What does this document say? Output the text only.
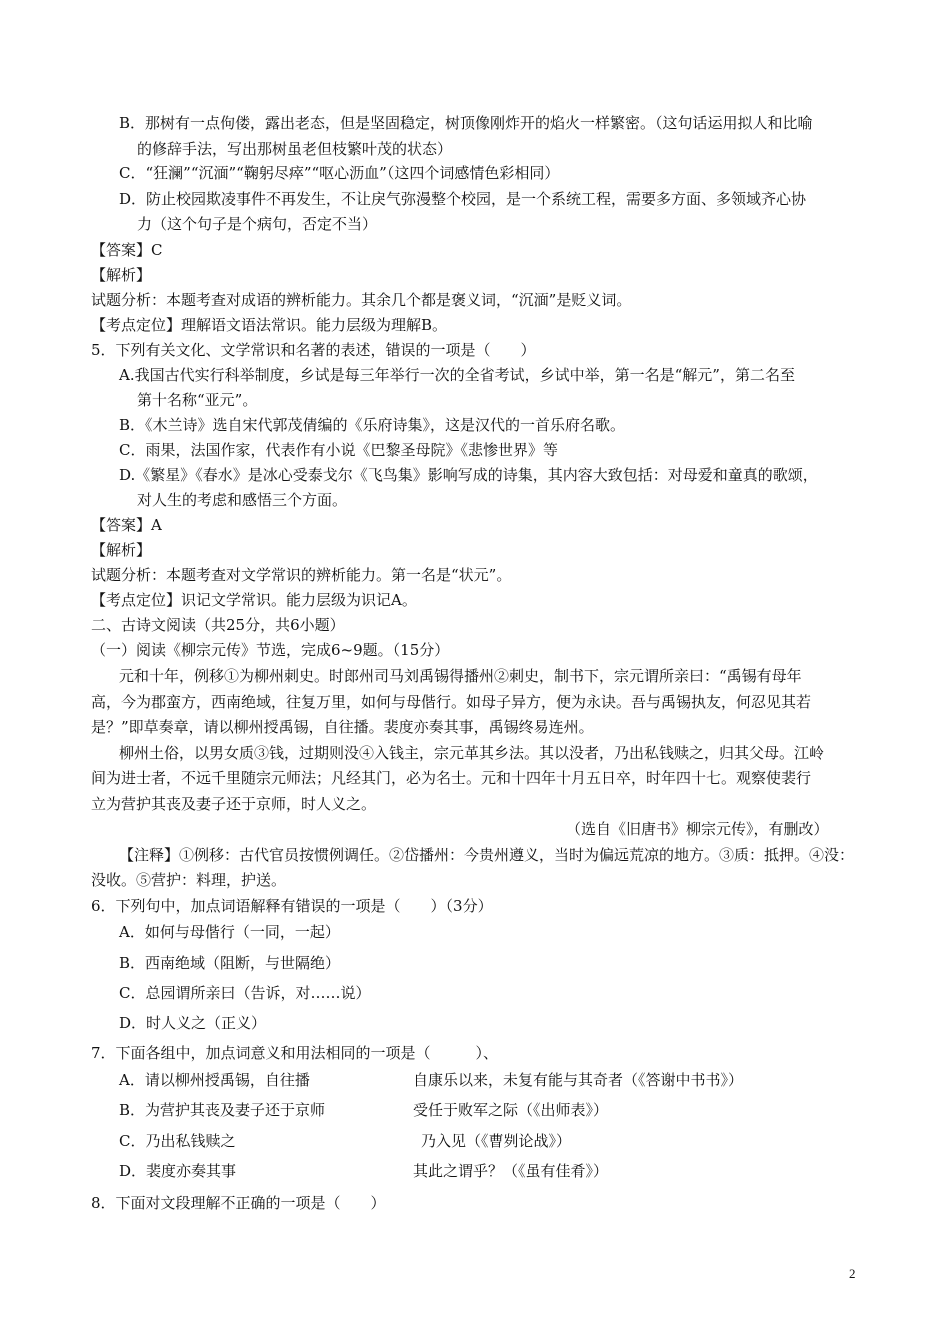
B．那树有一点佝偻，露出老态，但是坚固稳定，树顶像刚炸开的焰火一样繁密。（这句话运用拟人和比喻
的修辞手法，写出那树虽老但枝繁叶茂的状态）
C．“狂澜”“沉湎”“鞠躬尽瘁”“呕心沥血”（这四个词感情色彩相同）
D．防止校园欺凌事件不再发生，不让戾气弥漫整个校园，是一个系统工程，需要多方面、多领域齐心协
力（这个句子是个病句，否定不当）
【答案】C
【解析】
试题分析：本题考查对成语的辨析能力。其余几个都是褒义词，“沉湎”是贬义词。
【考点定位】理解语文语法常识。能力层级为理解B。
5．下列有关文化、文学常识和名著的表述，错误的一项是（　　）
A.我国古代实行科举制度，乡试是每三年举行一次的全省考试，乡试中举，第一名是“解元”，第二名至
第十名称“亚元”。
B．《木兰诗》选自宋代郭茂倩编的《乐府诗集》，这是汉代的一首乐府名歌。
C．雨果，法国作家，代表作有小说《巴黎圣母院》《悲惨世界》等
D.《繁星》《春水》是冰心受泰戈尔《飞鸟集》影响写成的诗集，其内容大致包括：对母爱和童真的歌颂，
对人生的考虑和感悟三个方面。
【答案】A
【解析】
试题分析：本题考查对文学常识的辨析能力。第一名是“状元”。
【考点定位】识记文学常识。能力层级为识记A。
二、古诗文阅读（共25分，共6小题）
（一）阅读《柳宗元传》节选，完成6~9题。（15分）
元和十年，例移①为柳州刺史。时郎州司马刘禹锡得播州②刺史，制书下，宗元谓所亲曰：“禹锡有母年
高，今为郡蛮方，西南绝域，往复万里，如何与母偕行。如母子异方，便为永诀。吾与禹锡执友，何忍见其若
是？”即草奏章，请以柳州授禹锡，自往播。裴度亦奏其事，禹锡终易连州。
柳州土俗，以男女质③钱，过期则没④入钱主，宗元革其乡法。其以没者，乃出私钱赎之，归其父母。江岭
间为进士者，不远千里随宗元师法；凡经其门，必为名士。元和十四年十月五日卒，时年四十七。观察使裴行
立为营护其丧及妻子还于京师，时人义之。
（选自《旧唐书》柳宗元传》，有删改）
【注释】①例移：古代官员按惯例调任。②岱播州：今贵州遵义，当时为偏远荒凉的地方。③质：抵押。④没：
没收。⑤营护：料理，护送。
6．下列句中，加点词语解释有错误的一项是（　　）（3分）
A．如何与母偕行（一同，一起）
B．西南绝域（阻断，与世隔绝）
C．总园谓所亲曰（告诉，对……说）
D．时人义之（正义）
7．下面各组中，加点词意义和用法相同的一项是（　　　）、
A．请以柳州授禹锡，自往播	自康乐以来，未复有能与其奇者（《答谢中书书》）
B．为营护其丧及妻子还于京师	受任于败军之际（《出师表》）
C．乃出私钱赎之	乃入见（《曹刿论战》）
D．裴度亦奏其事	其此之谓乎？（《虽有佳肴》）
8．下面对文段理解不正确的一项是（　　）
2
